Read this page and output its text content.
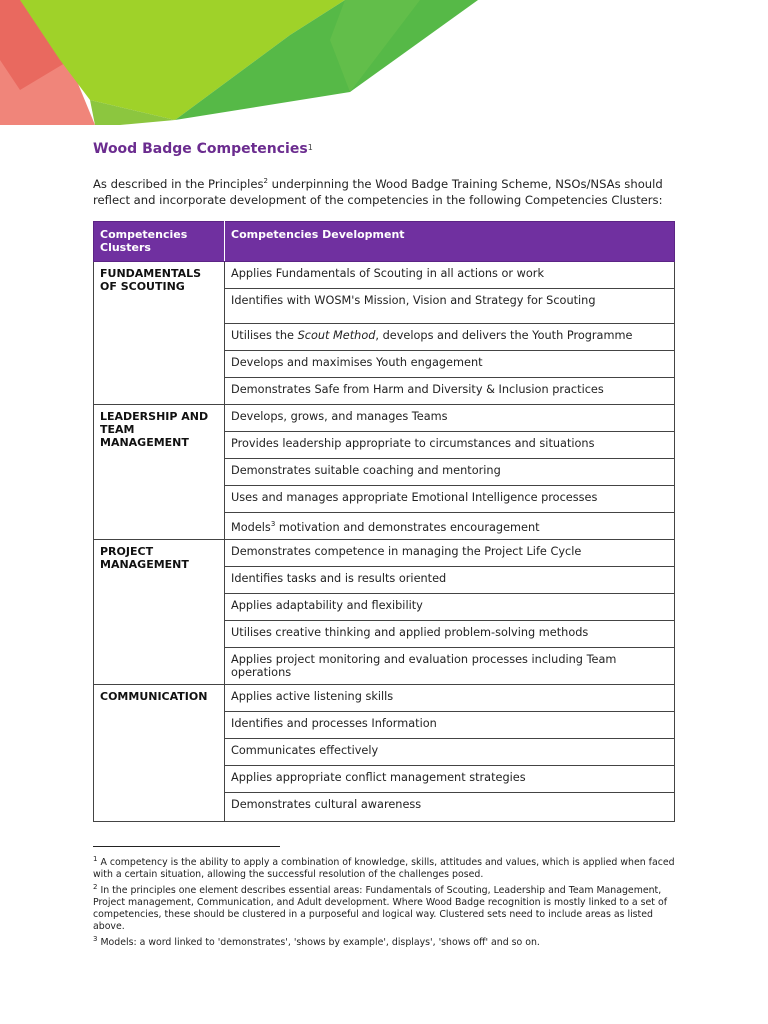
Wood Badge Competencies$^1$

As described in the Principles$^2$ underpinning the Wood Badge Training Scheme, NSOs/NSAs should reflect and incorporate development of the competencies in the following Competencies Clusters:

Competencies Clusters	Competencies Development
FUNDAMENTALS OF SCOUTING	Applies Fundamentals of Scouting in all actions or work
	Identifies with WOSM's Mission, Vision and Strategy for Scouting
	Utilises the Scout Method, develops and delivers the Youth Programme
	Develops and maximises Youth engagement
	Demonstrates Safe from Harm and Diversity & Inclusion practices
LEADERSHIP AND TEAM MANAGEMENT	Develops, grows, and manages Teams
	Provides leadership appropriate to circumstances and situations
	Demonstrates suitable coaching and mentoring
	Uses and manages appropriate Emotional Intelligence processes
	Models$^3$ motivation and demonstrates encouragement
PROJECT MANAGEMENT	Demonstrates competence in managing the Project Life Cycle
	Identifies tasks and is results oriented
	Applies adaptability and flexibility
	Utilises creative thinking and applied problem-solving methods
	Applies project monitoring and evaluation processes including Team operations
COMMUNICATION	Applies active listening skills
	Identifies and processes Information
	Communicates effectively
	Applies appropriate conflict management strategies
	Demonstrates cultural awareness

$^1$ A competency is the ability to apply a combination of knowledge, skills, attitudes and values, which is applied when faced with a certain situation, allowing the successful resolution of the challenges posed.

$^2$ In the principles one element describes essential areas: Fundamentals of Scouting, Leadership and Team Management, Project management, Communication, and Adult development. Where Wood Badge recognition is mostly linked to a set of competencies, these should be clustered in a purposeful and logical way. Clustered sets need to include areas as listed above.

$^3$ Models: a word linked to 'demonstrates', 'shows by example', displays', 'shows off' and so on.
